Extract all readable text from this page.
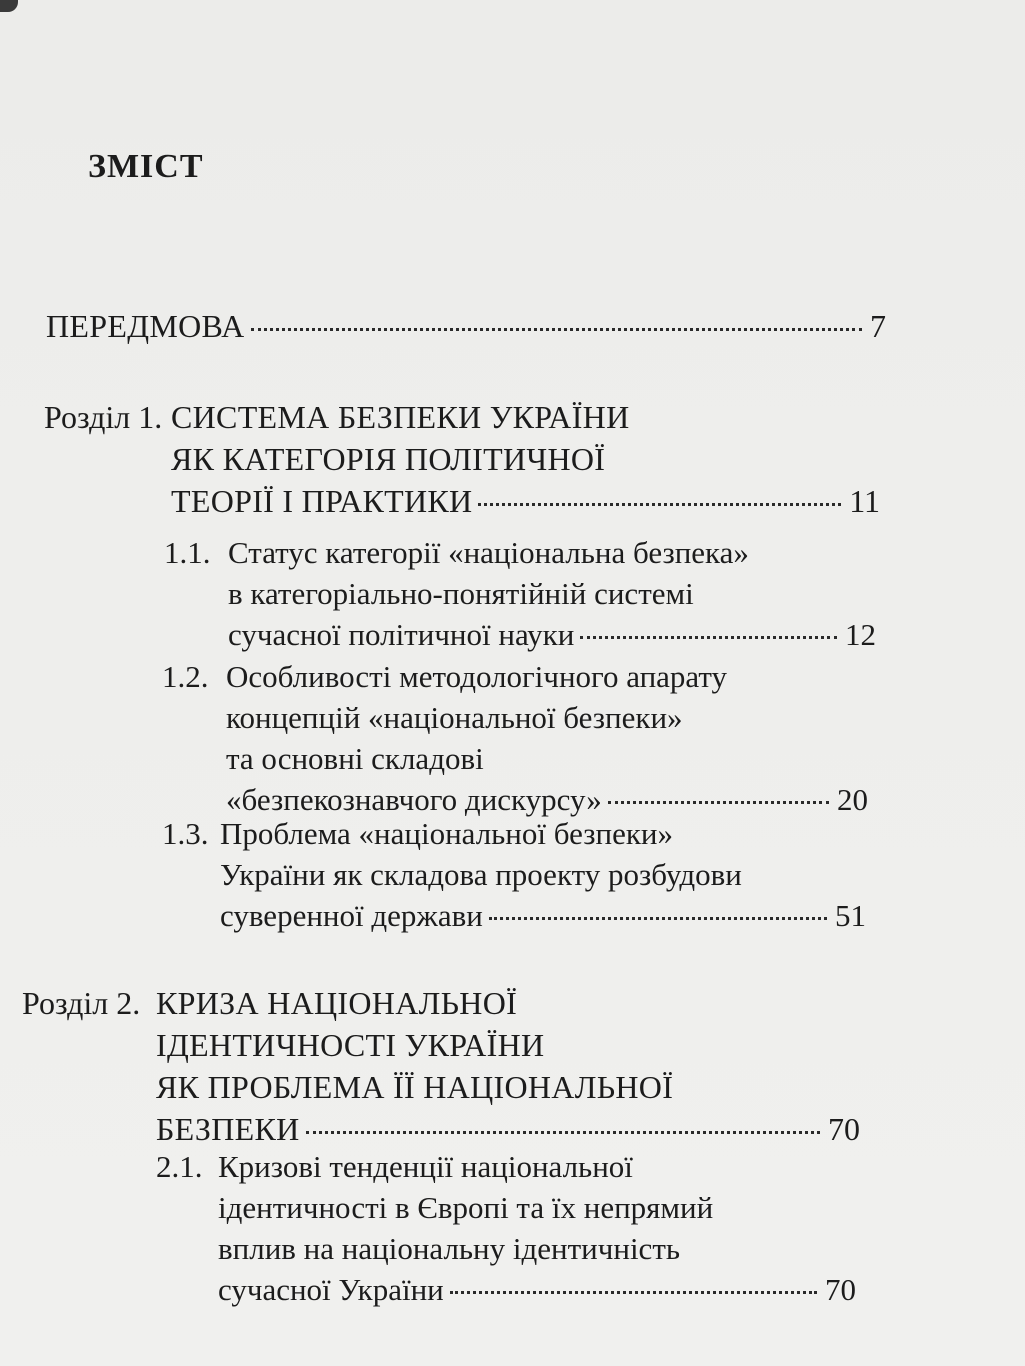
ЗМІСТ
ПЕРЕДМОВА	7
Розділ 1. СИСТЕМА БЕЗПЕКИ УКРАЇНИ
ЯК КАТЕГОРІЯ ПОЛІТИЧНОЇ
ТЕОРІЇ І ПРАКТИКИ	11
1.1. Статус категорії «національна безпека»
в категоріально-понятійній системі
сучасної політичної науки	12
1.2. Особливості методологічного апарату
концепцій «національної безпеки»
та основні складові
«безпекознавчого дискурсу»	20
1.3. Проблема «національної безпеки»
України як складова проекту розбудови
суверенної держави	51
Розділ 2. КРИЗА НАЦІОНАЛЬНОЇ
ІДЕНТИЧНОСТІ УКРАЇНИ
ЯК ПРОБЛЕМА ЇЇ НАЦІОНАЛЬНОЇ
БЕЗПЕКИ	70
2.1. Кризові тенденції національної
ідентичності в Європі та їх непрямий
вплив на національну ідентичність
сучасної України	70
